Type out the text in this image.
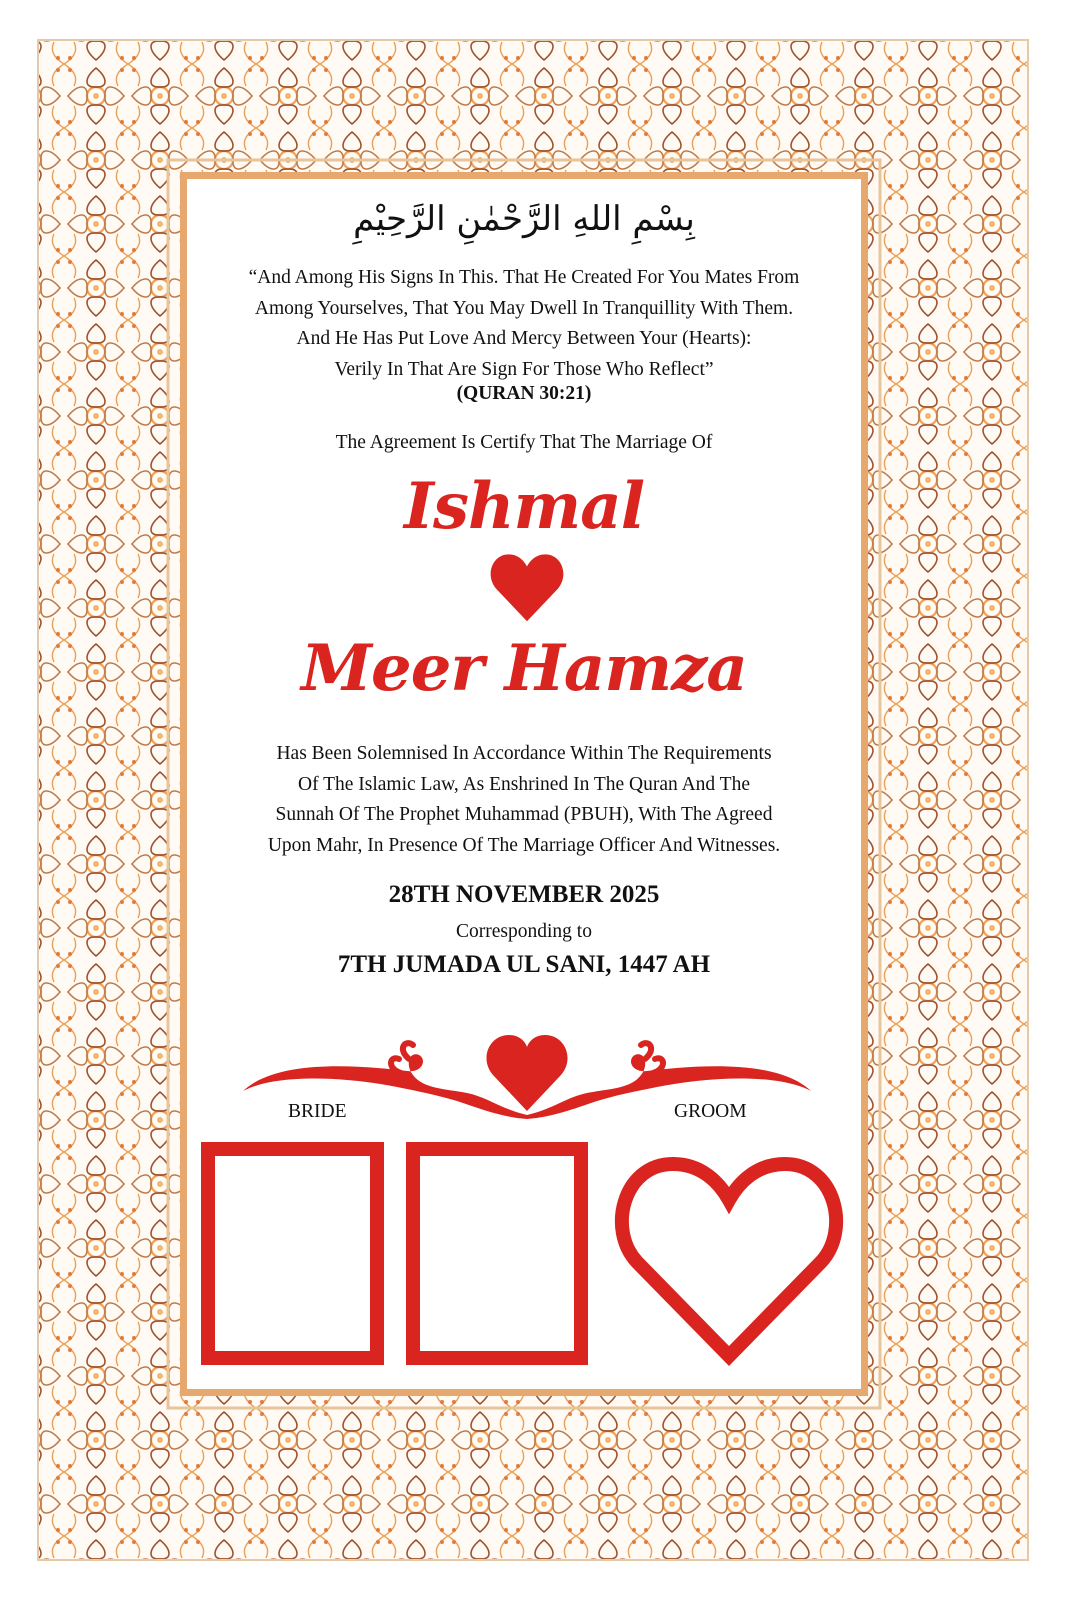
بِسْمِ اللهِ الرَّحْمٰنِ الرَّحِيْمِ
“And Among His Signs In This. That He Created For You Mates From
Among Yourselves, That You May Dwell In Tranquillity With Them.
And He Has Put Love And Mercy Between Your (Hearts):
Verily In That Are Sign For Those Who Reflect”
(QURAN 30:21)
The Agreement Is Certify That The Marriage Of
Ishmal
Meer Hamza
Has Been Solemnised In Accordance Within The Requirements
Of The Islamic Law, As Enshrined In The Quran And The
Sunnah Of The Prophet Muhammad (PBUH), With The Agreed
Upon Mahr, In Presence Of The Marriage Officer And Witnesses.
28TH NOVEMBER 2025
Corresponding to
7TH JUMADA UL SANI, 1447 AH
BRIDE	GROOM
